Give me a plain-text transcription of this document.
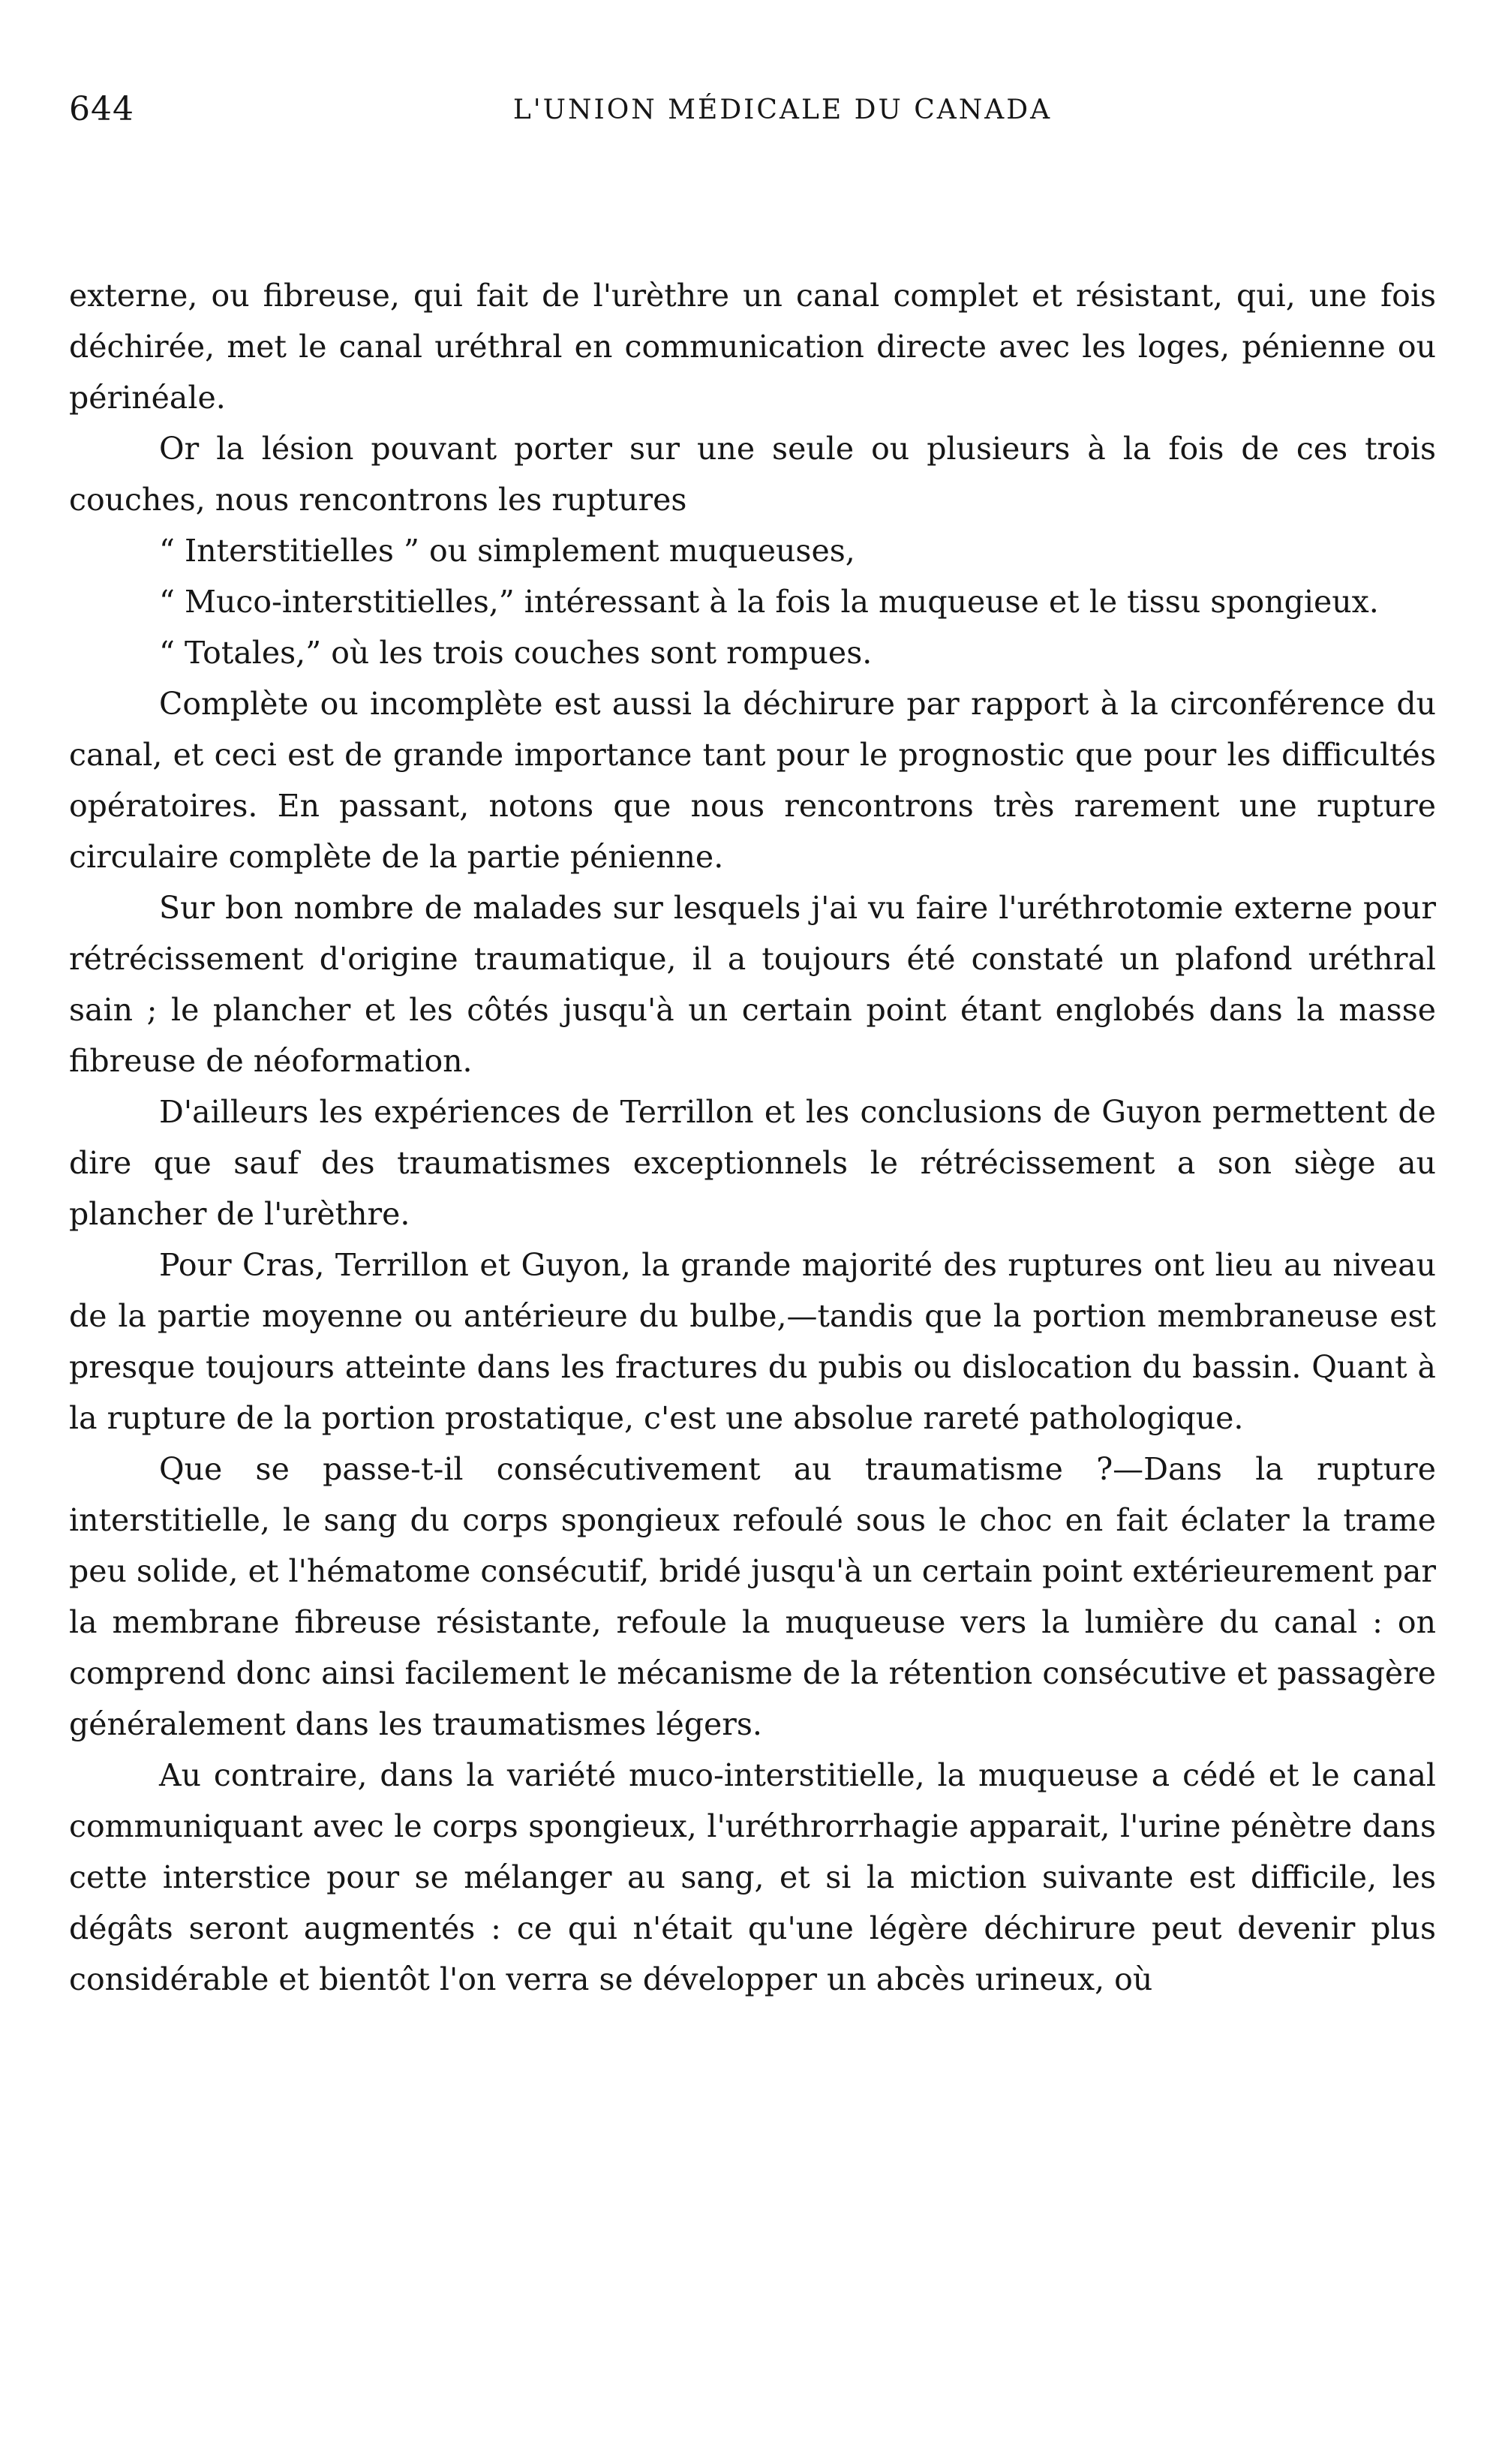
644	L'UNION MÉDICALE DU CANADA

externe, ou fibreuse, qui fait de l'urèthre un canal complet et résistant, qui, une fois déchirée, met le canal uréthral en communication directe avec les loges, pénienne ou périnéale.

Or la lésion pouvant porter sur une seule ou plusieurs à la fois de ces trois couches, nous rencontrons les ruptures

“ Interstitielles ” ou simplement muqueuses,
“ Muco-interstitielles,” intéressant à la fois la muqueuse et le tissu spongieux.
“ Totales,” où les trois couches sont rompues.

Complète ou incomplète est aussi la déchirure par rapport à la circonférence du canal, et ceci est de grande importance tant pour le prognostic que pour les difficultés opératoires. En passant, notons que nous rencontrons très rarement une rupture circulaire complète de la partie pénienne.

Sur bon nombre de malades sur lesquels j'ai vu faire l'uréthrotomie externe pour rétrécissement d'origine traumatique, il a toujours été constaté un plafond uréthral sain ; le plancher et les côtés jusqu'à un certain point étant englobés dans la masse fibreuse de néoformation.

D'ailleurs les expériences de Terrillon et les conclusions de Guyon permettent de dire que sauf des traumatismes exceptionnels le rétrécissement a son siège au plancher de l'urèthre.

Pour Cras, Terrillon et Guyon, la grande majorité des ruptures ont lieu au niveau de la partie moyenne ou antérieure du bulbe,—tandis que la portion membraneuse est presque toujours atteinte dans les fractures du pubis ou dislocation du bassin. Quant à la rupture de la portion prostatique, c'est une absolue rareté pathologique.

Que se passe-t-il consécutivement au traumatisme ?—Dans la rupture interstitielle, le sang du corps spongieux refoulé sous le choc en fait éclater la trame peu solide, et l'hématome consécutif, bridé jusqu'à un certain point extérieurement par la membrane fibreuse résistante, refoule la muqueuse vers la lumière du canal : on comprend donc ainsi facilement le mécanisme de la rétention consécutive et passagère généralement dans les traumatismes légers.

Au contraire, dans la variété muco-interstitielle, la muqueuse a cédé et le canal communiquant avec le corps spongieux, l'uréthrorrhagie apparait, l'urine pénètre dans cette interstice pour se mélanger au sang, et si la miction suivante est difficile, les dégâts seront augmentés : ce qui n'était qu'une légère déchirure peut devenir plus considérable et bientôt l'on verra se développer un abcès urineux, où
